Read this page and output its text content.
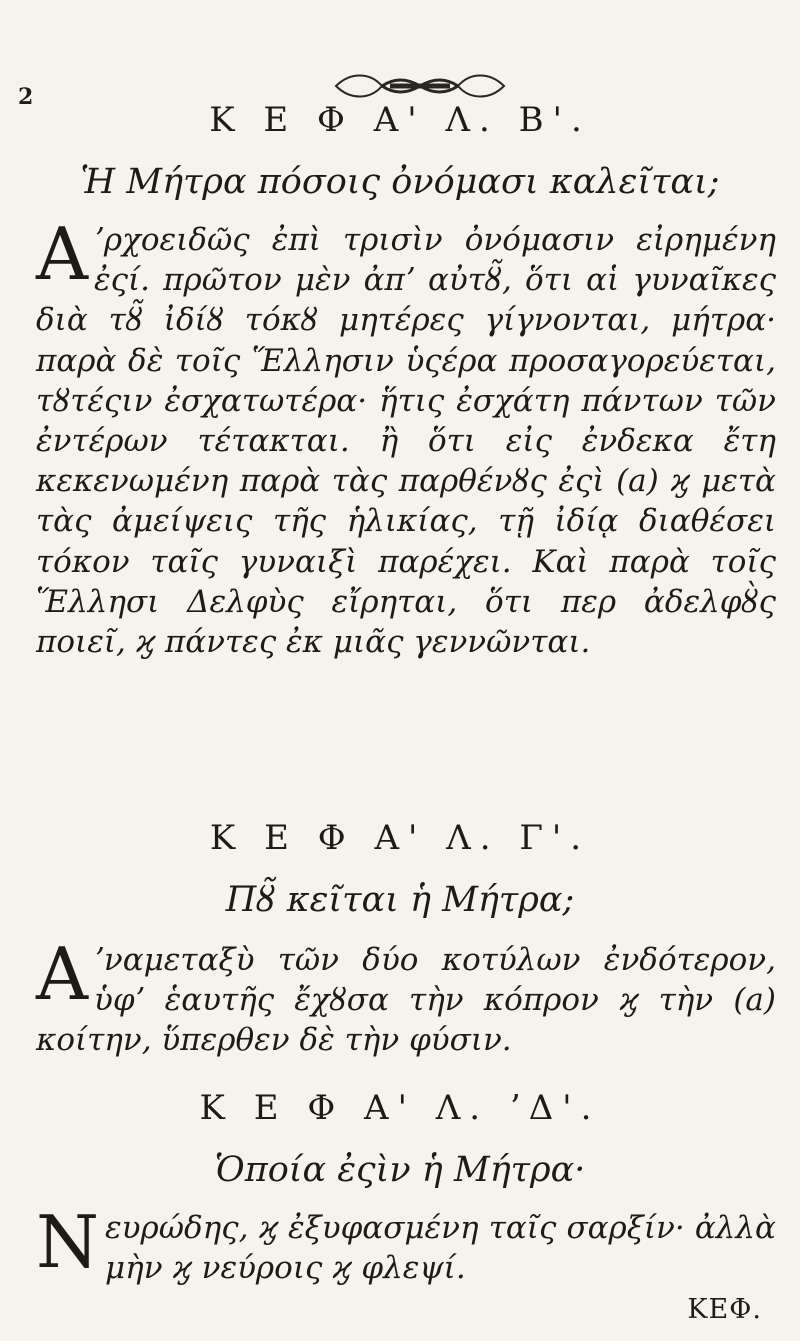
2
Κ Ε Φ Α' Λ. Β'.
Ἡ Μήτρα πόσοις ὀνόμασι καλεῖται;

Α ʼρχοειδῶς ἐπὶ τρισὶν ὀνόμασιν εἰρημένη ἐςί. πρῶτον μὲν ἀπʼ αὐτȣ̃, ὅτι αἱ γυναῖκες διὰ τȣ̃ ἰδίȣ τόκȣ μητέρες γίγνονται, μήτρα· παρὰ δὲ τοῖς Ἕλλησιν ὑςέρα προσαγορεύεται, τȣτέςιν ἐσχατωτέρα· ἥτις ἐσχάτη πάντων τῶν ἐντέρων τέτακται. ἢ ὅτι εἰς ἐνδεκα ἔτη κεκενωμένη παρὰ τὰς παρθένȣς ἐςὶ (a) ϗ μετὰ τὰς ἀμείψεις τῆς ἡλικίας, τῇ ἰδίᾳ διαθέσει τόκον ταῖς γυναιξὶ παρέχει. Καὶ παρὰ τοῖς Ἕλλησι Δελφὺς εἴρηται, ὅτι περ ἀδελφȣ̀ς ποιεῖ, ϗ πάντες ἐκ μιᾶς γεννῶνται.

Κ Ε Φ Α' Λ. Γ'.
Πȣ̃ κεῖται ἡ Μήτρα;

Α ʼναμεταξὺ τῶν δύο κοτύλων ἐνδότερον, ὑφʼ ἑαυτῆς ἔχȣσα τὴν κόπρον ϗ τὴν (a) κοίτην, ὕπερθεν δὲ τὴν φύσιν.

Κ Ε Φ Α' Λ. ʼΔ'.
Ὁποία ἐςὶν ἡ Μήτρα·

Νευρώδης, ϗ ἐξυφασμένη ταῖς σαρξίν· ἀλλὰ μὴν ϗ νεύροις ϗ φλεψί.

ΚΕΦ.
